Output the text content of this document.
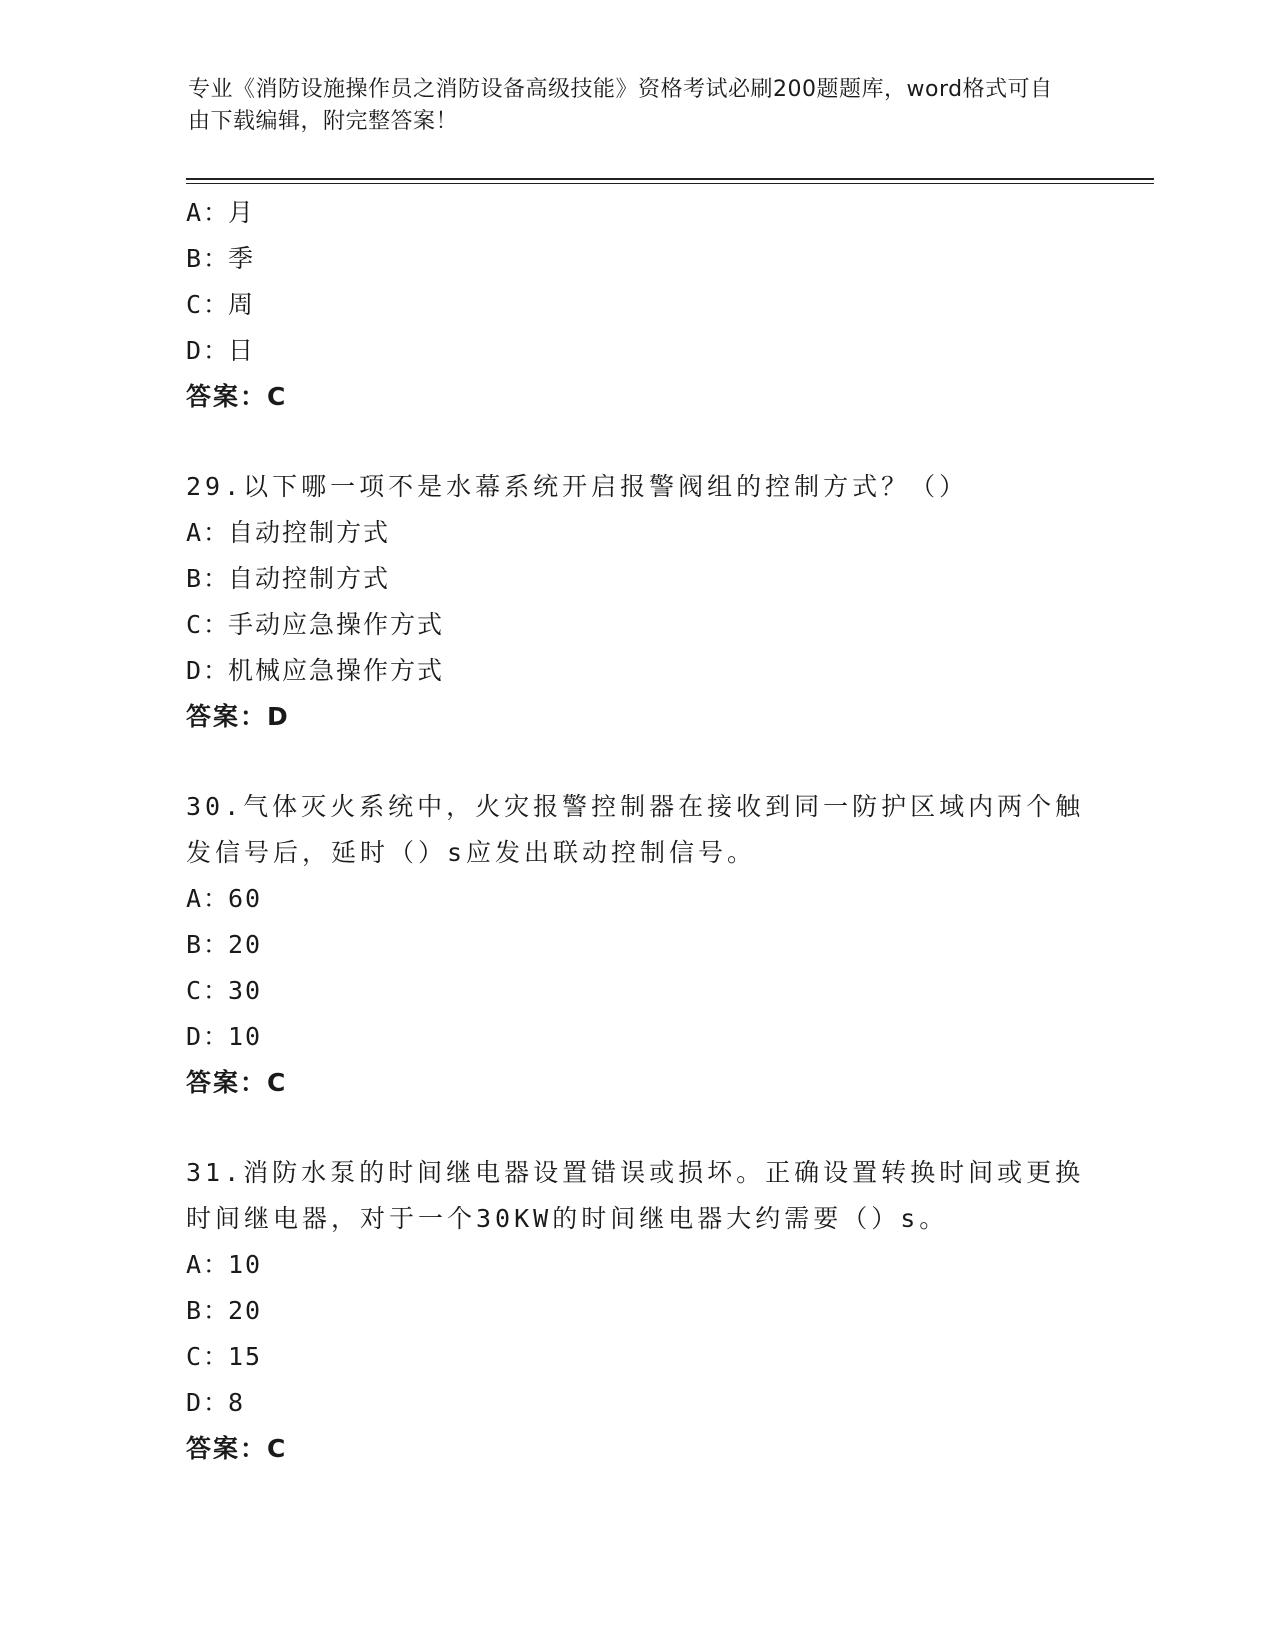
专业《消防设施操作员之消防设备高级技能》资格考试必刷200题题库，word格式可自由下载编辑，附完整答案！
A：月
B：季
C：周
D：日
答案：C
29.以下哪一项不是水幕系统开启报警阀组的控制方式？（）
A：自动控制方式
B：自动控制方式
C：手动应急操作方式
D：机械应急操作方式
答案：D
30.气体灭火系统中，火灾报警控制器在接收到同一防护区域内两个触发信号后，延时（）s应发出联动控制信号。
A：60
B：20
C：30
D：10
答案：C
31.消防水泵的时间继电器设置错误或损坏。正确设置转换时间或更换时间继电器，对于一个30KW的时间继电器大约需要（）s。
A：10
B：20
C：15
D：8
答案：C
